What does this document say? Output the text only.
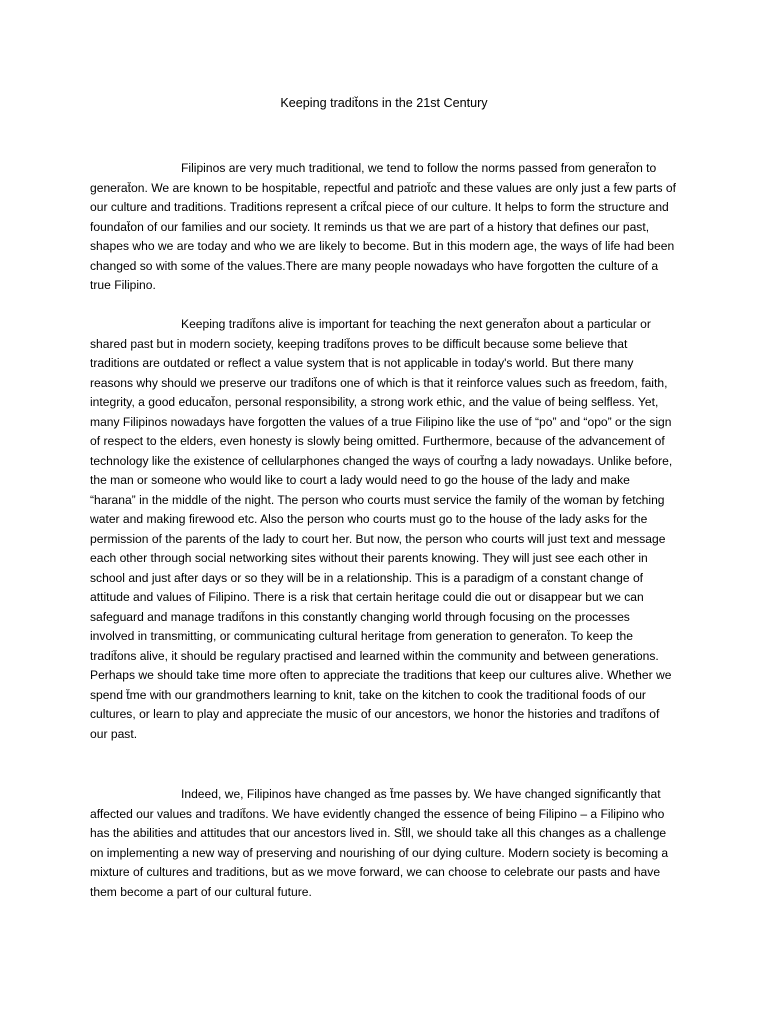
Keeping tradit̆ons in the 21st Century

Filipinos are very much traditional, we tend to follow the norms passed from generat̆on to generat̆on. We are known to be hospitable, repectful and patriot̆c and these values are only just a few parts of our culture and traditions. Traditions represent a crit̆cal piece of our culture. It helps to form the structure and foundat̆on of our families and our society. It reminds us that we are part of a history that defines our past, shapes who we are today and who we are likely to become. But in this modern age, the ways of life had been changed so with some of the values.There are many people nowadays who have forgotten the culture of a true Filipino.

Keeping tradit̆ons alive is important for teaching the next generat̆on about a particular or shared past but in modern society, keeping tradit̆ons proves to be difficult because some believe that traditions are outdated or reflect a value system that is not applicable in today's world. But there many reasons why should we preserve our tradit̆ons one of which is that it reinforce values such as freedom, faith, integrity, a good educat̆on, personal responsibility, a strong work ethic, and the value of being selfless. Yet, many Filipinos nowadays have forgotten the values of a true Filipino like the use of “po” and “opo” or the sign of respect to the elders, even honesty is slowly being omitted. Furthermore, because of the advancement of technology like the existence of cellularphones changed the ways of court̆ng a lady nowadays. Unlike before, the man or someone who would like to court a lady would need to go the house of the lady and make “harana” in the middle of the night. The person who courts must service the family of the woman by fetching water and making firewood etc. Also the person who courts must go to the house of the lady asks for the permission of the parents of the lady to court her. But now, the person who courts will just text and message each other through social networking sites without their parents knowing. They will just see each other in school and just after days or so they will be in a relationship. This is a paradigm of a constant change of attitude and values of Filipino. There is a risk that certain heritage could die out or disappear but we can safeguard and manage tradit̆ons in this constantly changing world through focusing on the processes involved in transmitting, or communicating cultural heritage from generation to generat̆on. To keep the tradit̆ons alive, it should be regulary practised and learned within the community and between generations. Perhaps we should take time more often to appreciate the traditions that keep our cultures alive. Whether we spend t̆me with our grandmothers learning to knit, take on the kitchen to cook the traditional foods of our cultures, or learn to play and appreciate the music of our ancestors, we honor the histories and tradit̆ons of our past.

Indeed, we, Filipinos have changed as t̆me passes by. We have changed significantly that affected our values and tradit̆ons. We have evidently changed the essence of being Filipino – a Filipino who has the abilities and attitudes that our ancestors lived in. St̆ll, we should take all this changes as a challenge on implementing a new way of preserving and nourishing of our dying culture. Modern society is becoming a mixture of cultures and traditions, but as we move forward, we can choose to celebrate our pasts and have them become a part of our cultural future.
